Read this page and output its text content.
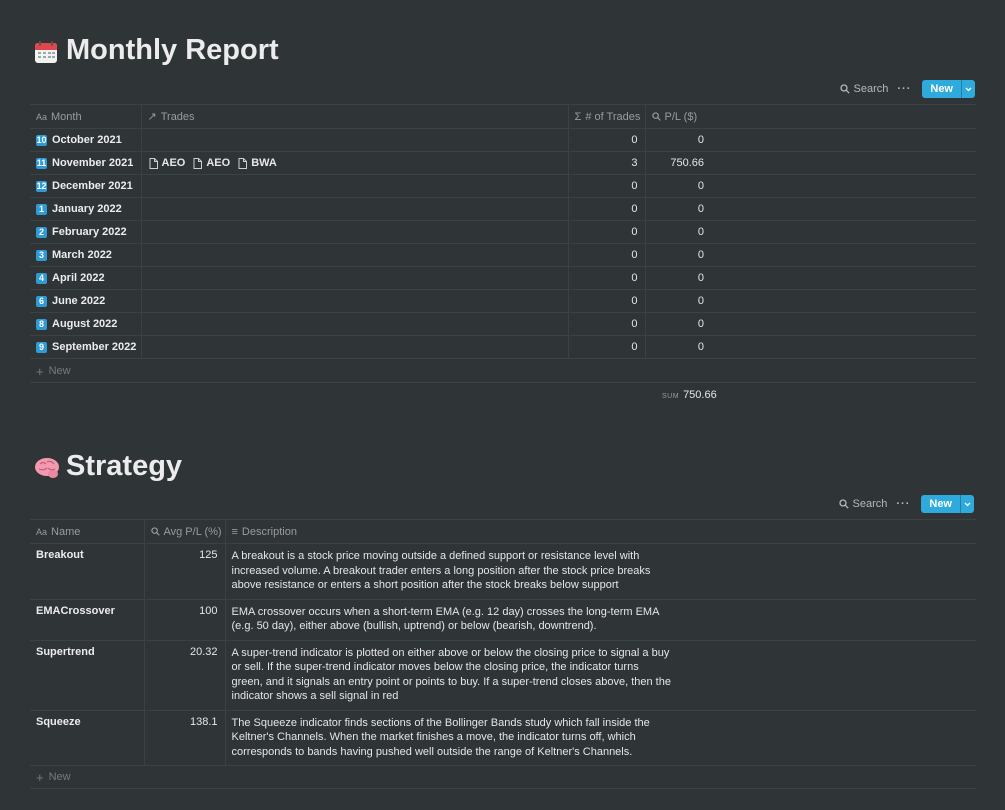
Monthly Report
Search ···	New
Aa Month	↗ Trades	Σ # of Trades	P/L ($)	

10 October 2021		0	0	

11 November 2021	AEO AEO BWA	3	750.66	

12 December 2021		0	0	

1 January 2022		0	0	

2 February 2022		0	0	

3 March 2022		0	0	

4 April 2022		0	0	

6 June 2022		0	0	

8 August 2022		0	0	

9 September 2022		0	0	
+ New
SUM 750.66
Strategy
Search ···	New
Aa Name	Avg P/L (%)	≡ Description

Breakout	125	A breakout is a stock price moving outside a defined support or resistance level with increased volume. A breakout trader enters a long position after the stock price breaks above resistance or enters a short position after the stock breaks below support

EMACrossover	100	EMA crossover occurs when a short-term EMA (e.g. 12 day) crosses the long-term EMA (e.g. 50 day), either above (bullish, uptrend) or below (bearish, downtrend).

Supertrend	20.32	A super-trend indicator is plotted on either above or below the closing price to signal a buy or sell. If the super-trend indicator moves below the closing price, the indicator turns green, and it signals an entry point or points to buy. If a super-trend closes above, then the indicator shows a sell signal in red

Squeeze	138.1	The Squeeze indicator finds sections of the Bollinger Bands study which fall inside the Keltner's Channels. When the market finishes a move, the indicator turns off, which corresponds to bands having pushed well outside the range of Keltner's Channels.
+ New
